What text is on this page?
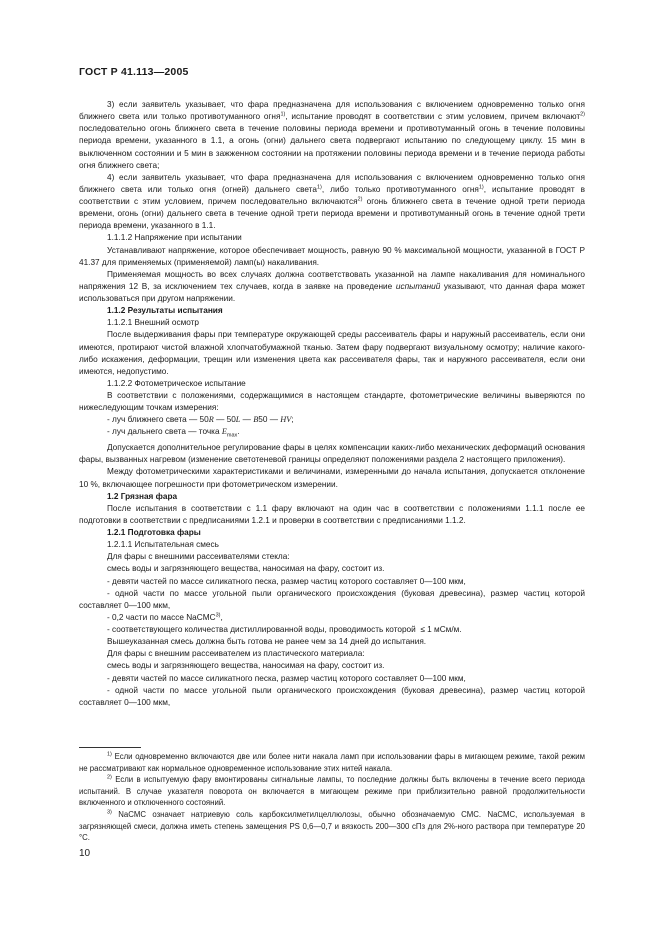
ГОСТ Р 41.113—2005

3) если заявитель указывает, что фара предназначена для использования с включением одновременно только огня ближнего света или только противотуманного огня$^{1)}$, испытание проводят в соответствии с этим условием, причем включают$^{2)}$ последовательно огонь ближнего света в течение половины периода времени и противотуманный огонь в течение половины периода времени, указанного в 1.1, а огонь (огни) дальнего света подвергают испытанию по следующему циклу. 15 мин в выключенном состоянии и 5 мин в зажженном состоянии на протяжении половины периода времени и в течение периода работы огня ближнего света;

4) если заявитель указывает, что фара предназначена для использования с включением одновременно только огня ближнего света или только огня (огней) дальнего света$^{1)}$, либо только противотуманного огня$^{1)}$, испытание проводят в соответствии с этим условием, причем последовательно включаются$^{2)}$ огонь ближнего света в течение одной трети периода времени, огонь (огни) дальнего света в течение одной трети периода времени и противотуманный огонь в течение одной трети периода времени, указанного в 1.1.

1.1.1.2 Напряжение при испытании

Устанавливают напряжение, которое обеспечивает мощность, равную 90 % максимальной мощности, указанной в ГОСТ Р 41.37 для применяемых (применяемой) ламп(ы) накаливания.

Применяемая мощность во всех случаях должна соответствовать указанной на лампе накаливания для номинального напряжения 12 В, за исключением тех случаев, когда в заявке на проведение испытаний указывают, что данная фара может использоваться при другом напряжении.

1.1.2 Результаты испытания

1.1.2.1 Внешний осмотр

После выдерживания фары при температуре окружающей среды рассеиватель фары и наружный рассеиватель, если они имеются, протирают чистой влажной хлопчатобумажной тканью. Затем фару подвергают визуальному осмотру; наличие какого-либо искажения, деформации, трещин или изменения цвета как рассеивателя фары, так и наружного рассеивателя, если они имеются, недопустимо.

1.1.2.2 Фотометрическое испытание

В соответствии с положениями, содержащимися в настоящем стандарте, фотометрические величины выверяются по нижеследующим точкам измерения:

- луч ближнего света — 50R — 50L — B50 — HV;

- луч дальнего света — точка $E_{max}$.

Допускается дополнительное регулирование фары в целях компенсации каких-либо механических деформаций основания фары, вызванных нагревом (изменение светотеневой границы определяют положениями раздела 2 настоящего приложения).

Между фотометрическими характеристиками и величинами, измеренными до начала испытания, допускается отклонение 10 %, включающее погрешности при фотометрическом измерении.

1.2 Грязная фара

После испытания в соответствии с 1.1 фару включают на один час в соответствии с положениями 1.1.1 после ее подготовки в соответствии с предписаниями 1.2.1 и проверки в соответствии с предписаниями 1.1.2.

1.2.1 Подготовка фары

1.2.1.1 Испытательная смесь

Для фары с внешними рассеивателями стекла:

смесь воды и загрязняющего вещества, наносимая на фару, состоит из.

- девяти частей по массе силикатного песка, размер частиц которого составляет 0—100 мкм,

- одной части по массе угольной пыли органического происхождения (буковая древесина), размер частиц которой составляет 0—100 мкм,

- 0,2 части по массе NaCMC$^{3)}$,

- соответствующего количества дистиллированной воды, проводимость которой  ≤ 1 мСм/м.

Вышеуказанная смесь должна быть готова не ранее чем за 14 дней до испытания.

Для фары с внешним рассеивателем из пластического материала:

смесь воды и загрязняющего вещества, наносимая на фару, состоит из.

- девяти частей по массе силикатного песка, размер частиц которого составляет 0—100 мкм,

- одной части по массе угольной пыли органического происхождения (буковая древесина), размер частиц которой составляет 0—100 мкм,

$^{1)}$ Если одновременно включаются две или более нити накала ламп при использовании фары в мигающем режиме, такой режим не рассматривают как нормальное одновременное использование этих нитей накала.

$^{2)}$ Если в испытуемую фару вмонтированы сигнальные лампы, то последние должны быть включены в течение всего периода испытаний. В случае указателя поворота он включается в мигающем режиме при приблизительно равной продолжительности включенного и отключенного состояний.

$^{3)}$ NaCMC означает натриевую соль карбоксилметилцеллюлозы, обычно обозначаемую CMC. NaCMC, используемая в загрязняющей смеси, должна иметь степень замещения PS 0,6—0,7 и вязкость 200—300 сПз для 2%-ного раствора при температуре 20 °C.

10
